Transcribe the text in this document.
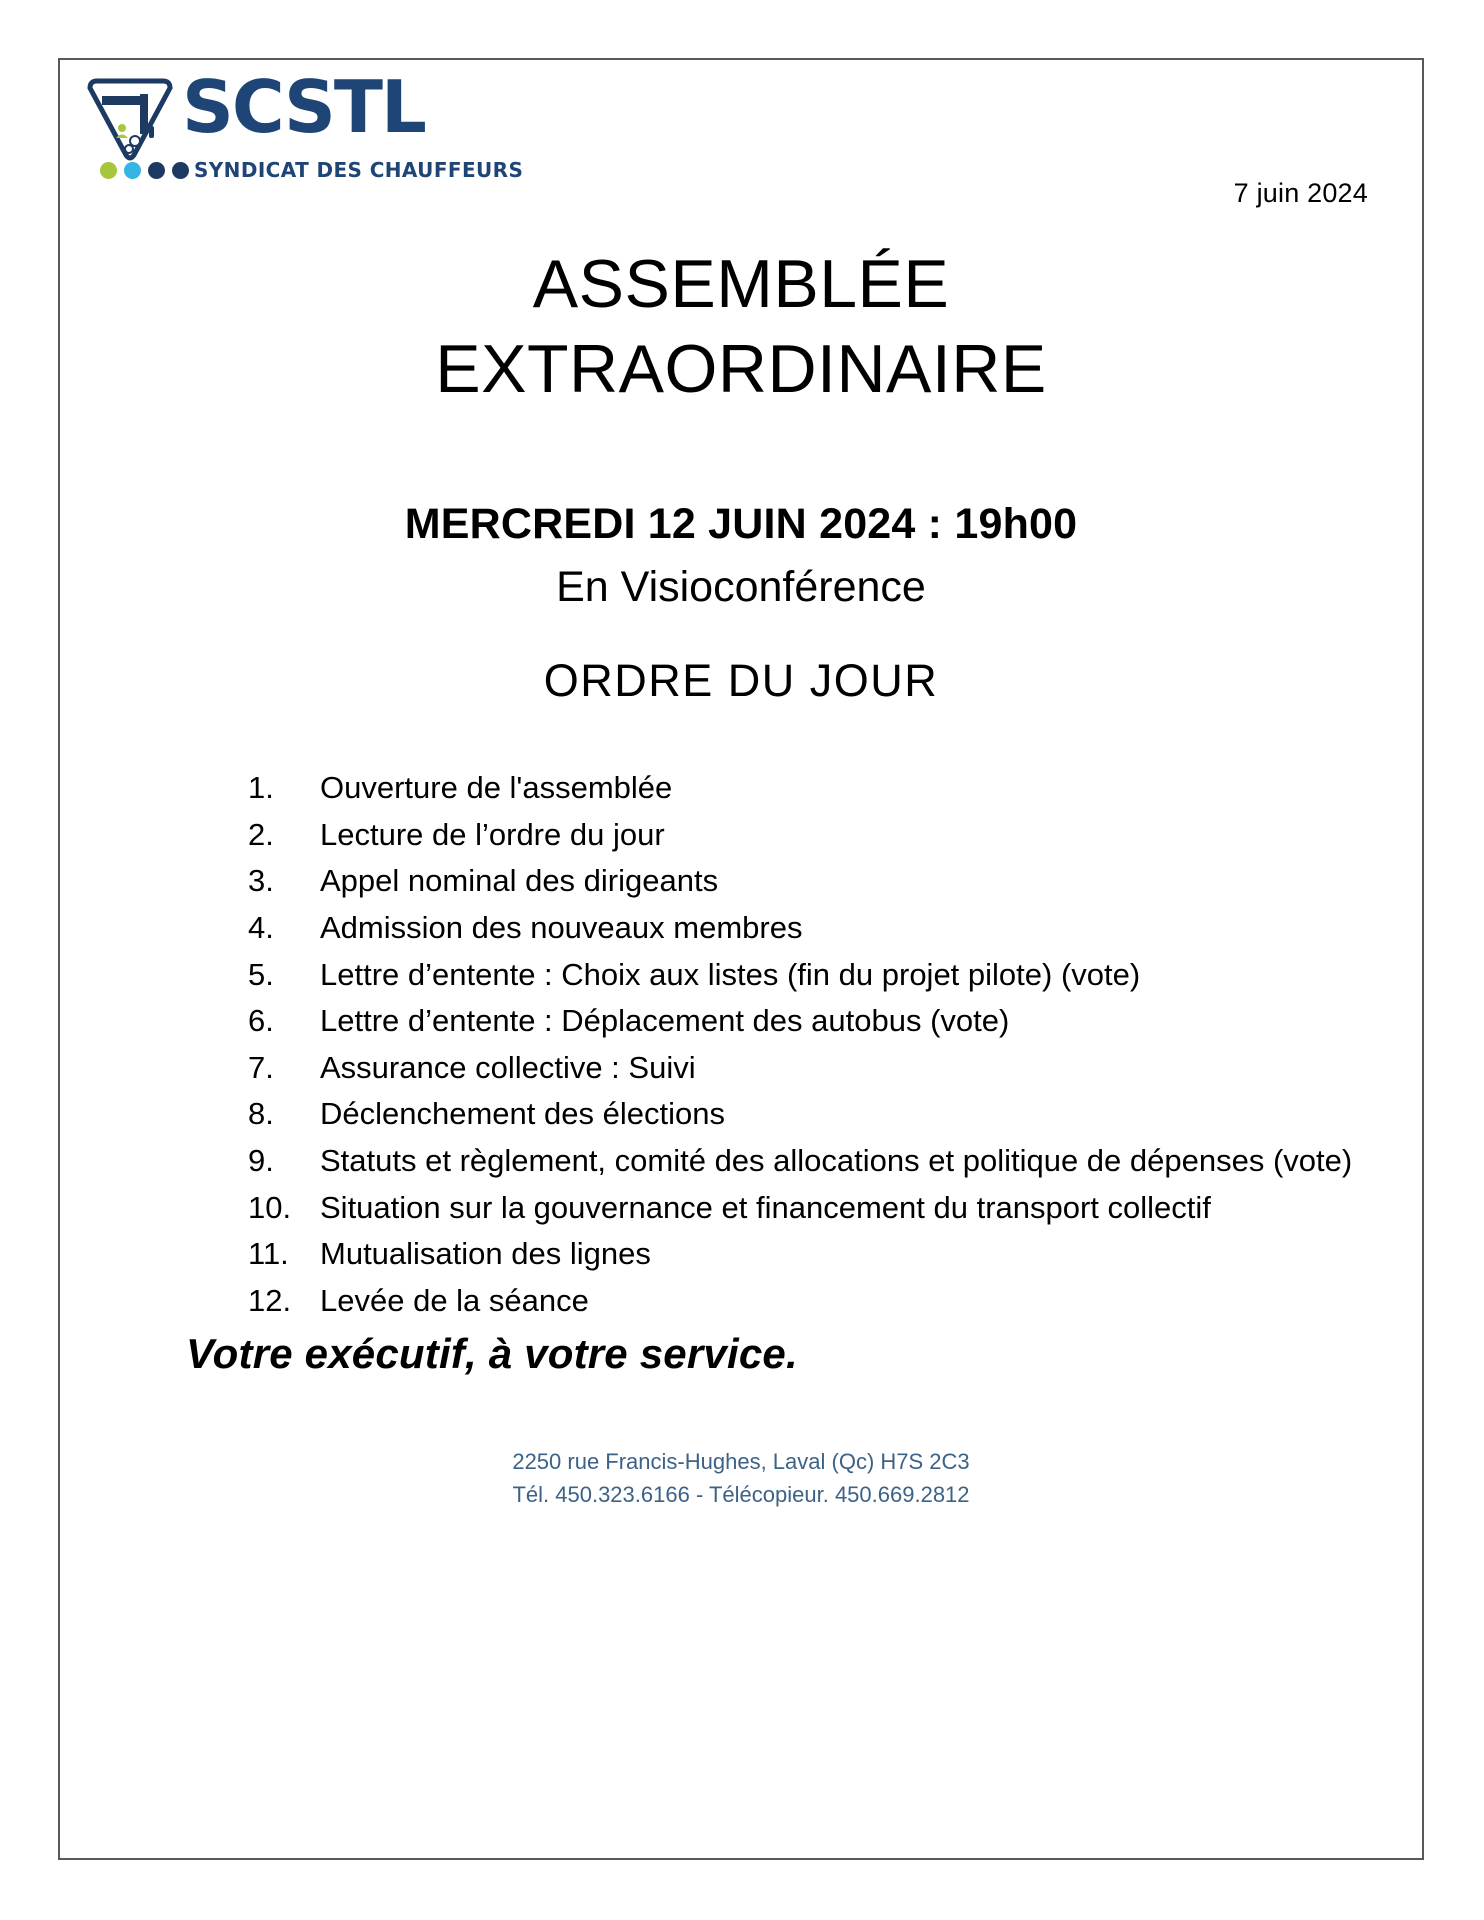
SCSTL
SYNDICAT DES CHAUFFEURS
7 juin 2024
ASSEMBLÉE
EXTRAORDINAIRE
MERCREDI 12 JUIN 2024 : 19h00
En Visioconférence
ORDRE DU JOUR
1.	Ouverture de l'assemblée
2.	Lecture de l’ordre du jour
3.	Appel nominal des dirigeants
4.	Admission des nouveaux membres
5.	Lettre d’entente : Choix aux listes (fin du projet pilote) (vote)
6.	Lettre d’entente : Déplacement des autobus (vote)
7.	Assurance collective : Suivi
8.	Déclenchement des élections
9.	Statuts et règlement, comité des allocations et politique de dépenses (vote)
10. Situation sur la gouvernance et financement du transport collectif
11.	Mutualisation des lignes
12. Levée de la séance
Votre exécutif, à votre service.
2250 rue Francis-Hughes, Laval (Qc) H7S 2C3
Tél. 450.323.6166 - Télécopieur. 450.669.2812
